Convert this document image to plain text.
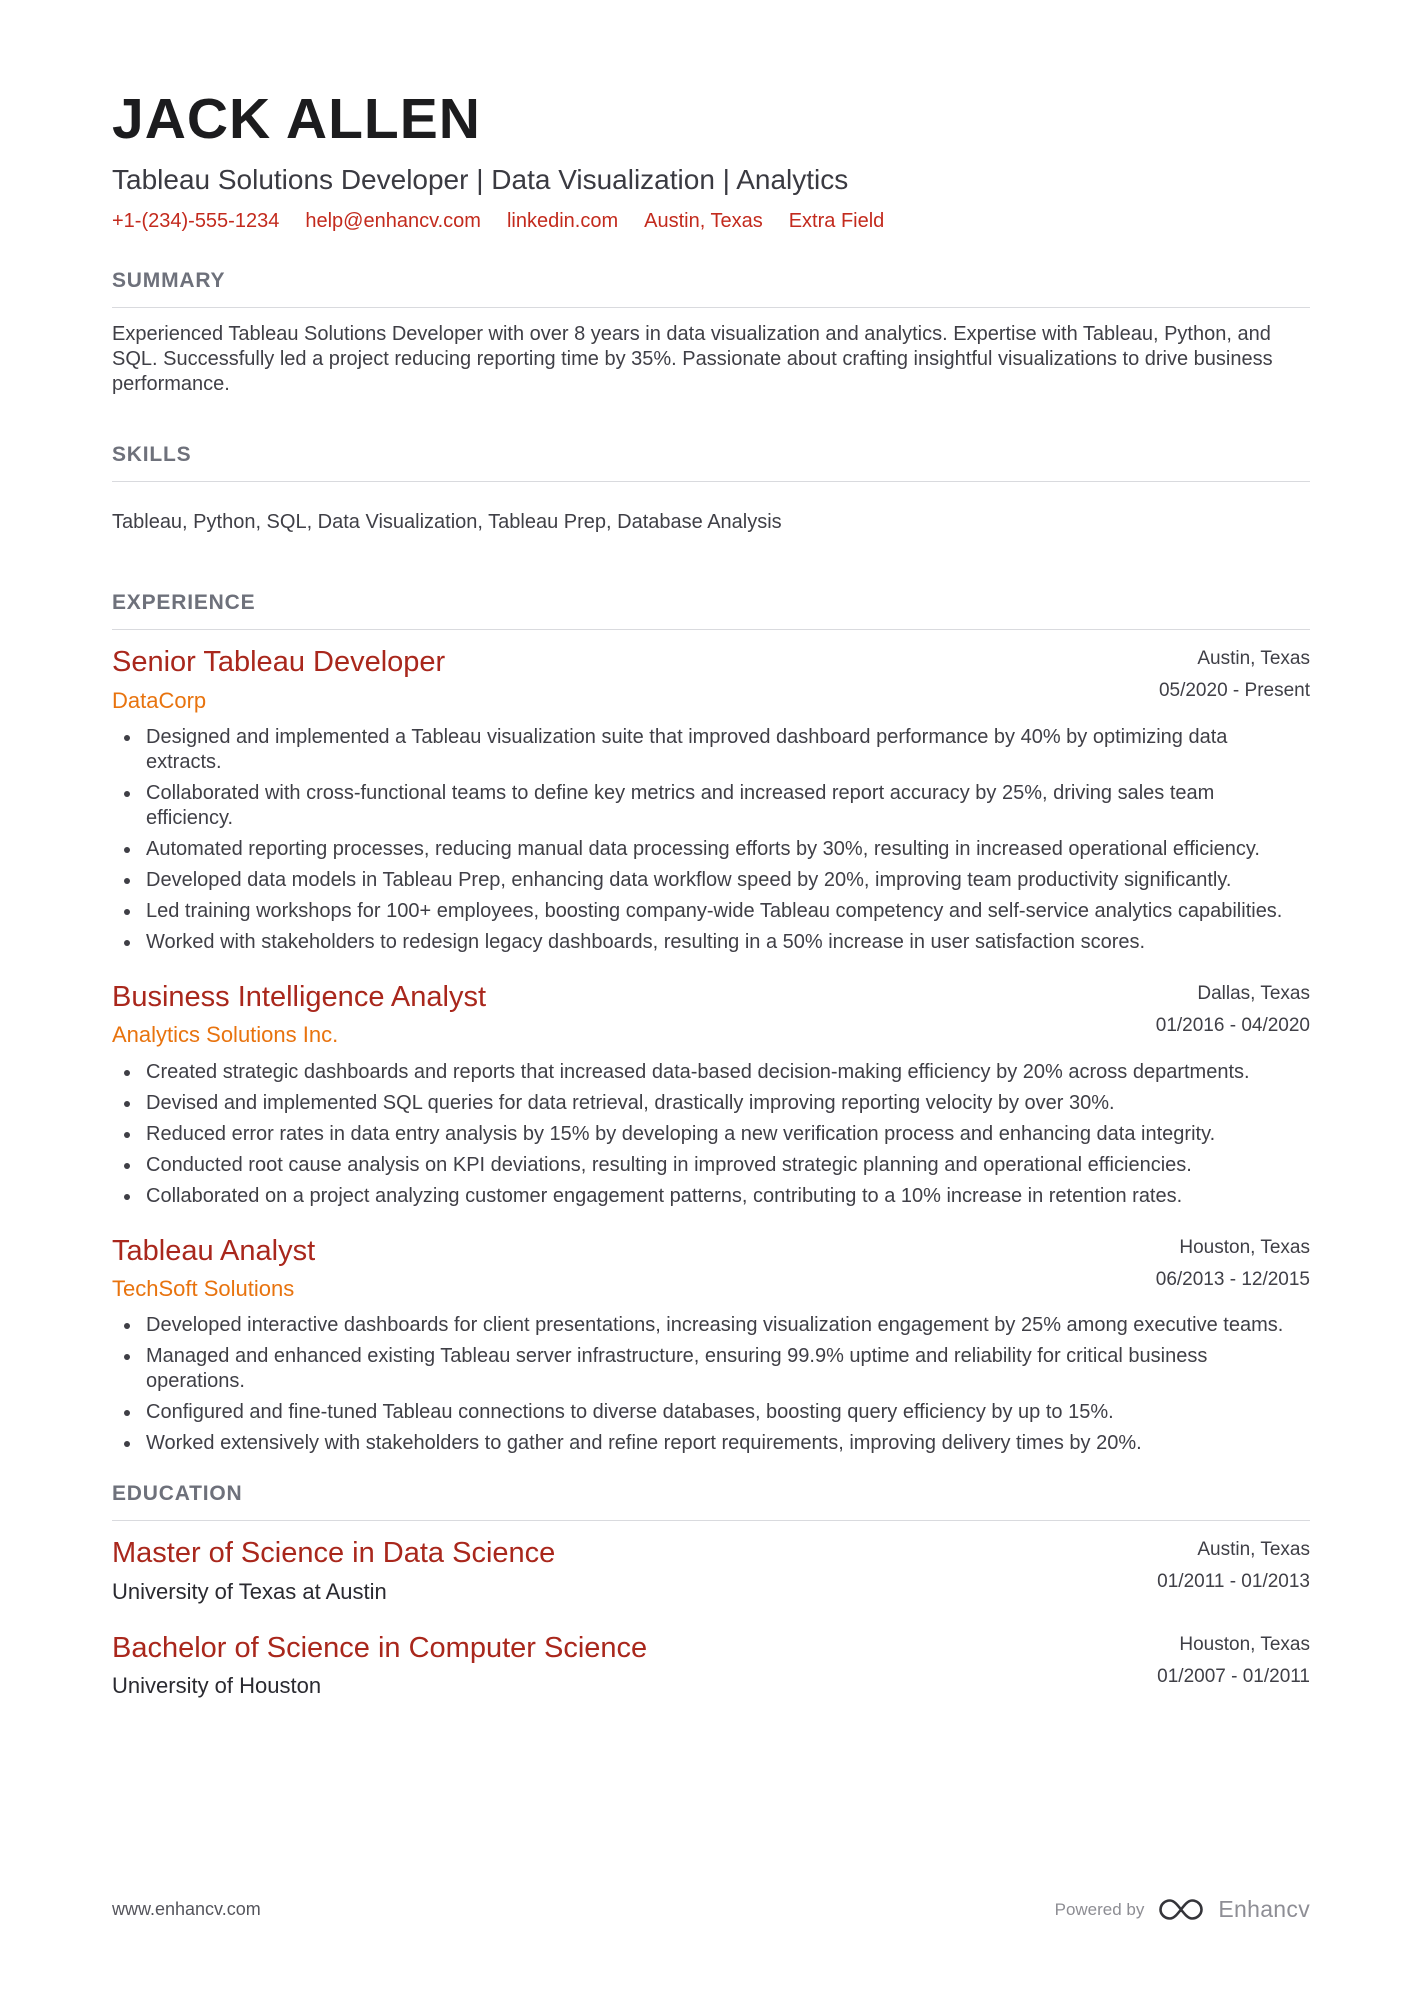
JACK ALLEN
Tableau Solutions Developer | Data Visualization | Analytics
+1-(234)-555-1234 help@enhancv.com linkedin.com Austin, Texas Extra Field
SUMMARY
Experienced Tableau Solutions Developer with over 8 years in data visualization and analytics. Expertise with Tableau, Python, and SQL. Successfully led a project reducing reporting time by 35%. Passionate about crafting insightful visualizations to drive business performance.
SKILLS
Tableau, Python, SQL, Data Visualization, Tableau Prep, Database Analysis
EXPERIENCE
Senior Tableau Developer
DataCorp
Austin, Texas
05/2020 - Present
• Designed and implemented a Tableau visualization suite that improved dashboard performance by 40% by optimizing data extracts.
• Collaborated with cross-functional teams to define key metrics and increased report accuracy by 25%, driving sales team efficiency.
• Automated reporting processes, reducing manual data processing efforts by 30%, resulting in increased operational efficiency.
• Developed data models in Tableau Prep, enhancing data workflow speed by 20%, improving team productivity significantly.
• Led training workshops for 100+ employees, boosting company-wide Tableau competency and self-service analytics capabilities.
• Worked with stakeholders to redesign legacy dashboards, resulting in a 50% increase in user satisfaction scores.
Business Intelligence Analyst
Analytics Solutions Inc.
Dallas, Texas
01/2016 - 04/2020
• Created strategic dashboards and reports that increased data-based decision-making efficiency by 20% across departments.
• Devised and implemented SQL queries for data retrieval, drastically improving reporting velocity by over 30%.
• Reduced error rates in data entry analysis by 15% by developing a new verification process and enhancing data integrity.
• Conducted root cause analysis on KPI deviations, resulting in improved strategic planning and operational efficiencies.
• Collaborated on a project analyzing customer engagement patterns, contributing to a 10% increase in retention rates.
Tableau Analyst
TechSoft Solutions
Houston, Texas
06/2013 - 12/2015
• Developed interactive dashboards for client presentations, increasing visualization engagement by 25% among executive teams.
• Managed and enhanced existing Tableau server infrastructure, ensuring 99.9% uptime and reliability for critical business operations.
• Configured and fine-tuned Tableau connections to diverse databases, boosting query efficiency by up to 15%.
• Worked extensively with stakeholders to gather and refine report requirements, improving delivery times by 20%.
EDUCATION
Master of Science in Data Science
University of Texas at Austin
Austin, Texas
01/2011 - 01/2013
Bachelor of Science in Computer Science
University of Houston
Houston, Texas
01/2007 - 01/2011
www.enhancv.com	Powered by	Enhancv
